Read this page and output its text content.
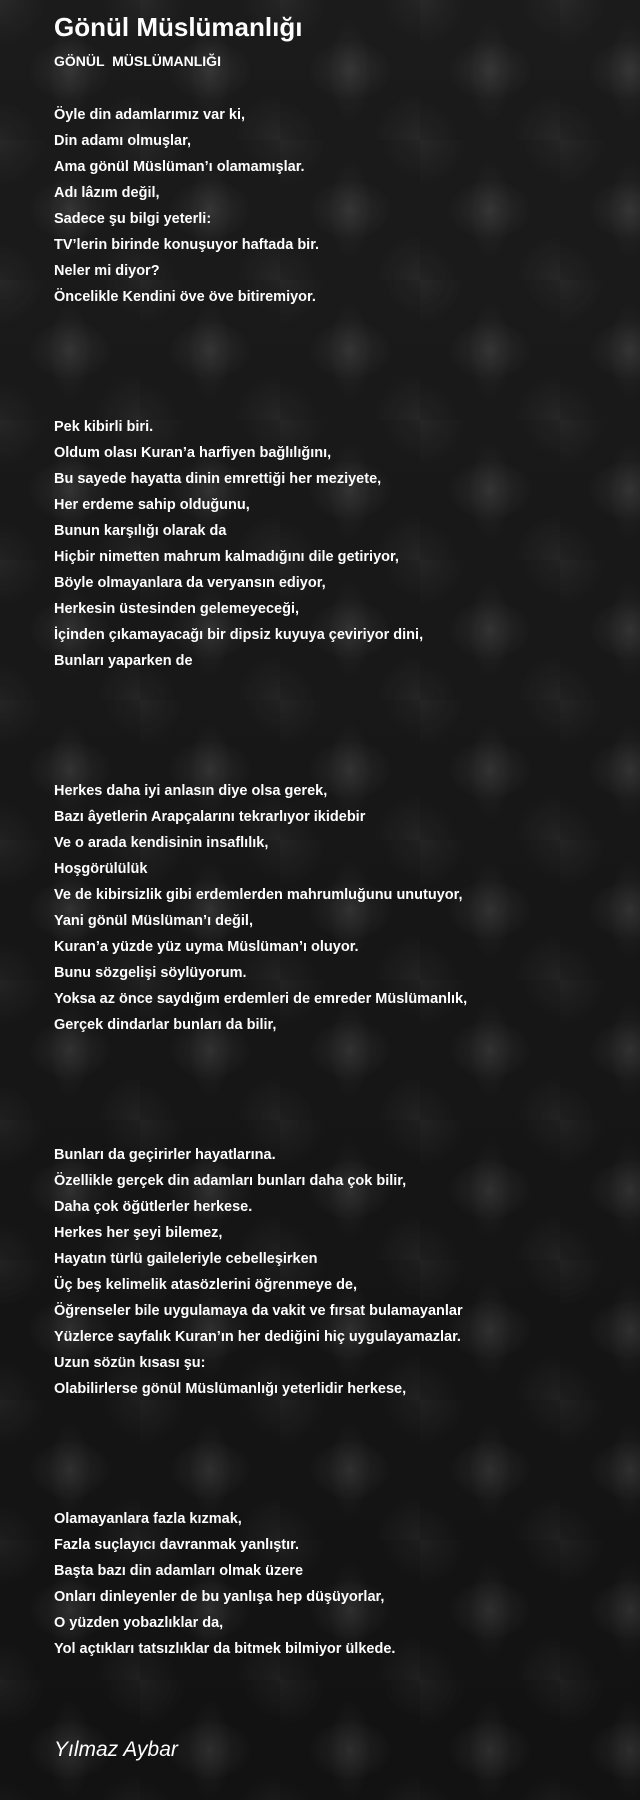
Gönül Müslümanlığı
GÖNÜL  MÜSLÜMANLIĞI

Öyle din adamlarımız var ki,
Din adamı olmuşlar,
Ama gönül Müslüman’ı olamamışlar.
Adı lâzım değil,
Sadece şu bilgi yeterli:
TV’lerin birinde konuşuyor haftada bir.
Neler mi diyor?
Öncelikle Kendini öve öve bitiremiyor.

Pek kibirli biri.
Oldum olası Kuran’a harfiyen bağlılığını,
Bu sayede hayatta dinin emrettiği her meziyete,
Her erdeme sahip olduğunu,
Bunun karşılığı olarak da
Hiçbir nimetten mahrum kalmadığını dile getiriyor,
Böyle olmayanlara da veryansın ediyor,
Herkesin üstesinden gelemeyeceği,
İçinden çıkamayacağı bir dipsiz kuyuya çeviriyor dini,
Bunları yaparken de

Herkes daha iyi anlasın diye olsa gerek,
Bazı âyetlerin Arapçalarını tekrarlıyor ikidebir
Ve o arada kendisinin insaflılık,
Hoşgörülülük
Ve de kibirsizlik gibi erdemlerden mahrumluğunu unutuyor,
Yani gönül Müslüman’ı değil,
Kuran’a yüzde yüz uyma Müslüman’ı oluyor.
Bunu sözgelişi söylüyorum.
Yoksa az önce saydığım erdemleri de emreder Müslümanlık,
Gerçek dindarlar bunları da bilir,

Bunları da geçirirler hayatlarına.
Özellikle gerçek din adamları bunları daha çok bilir,
Daha çok öğütlerler herkese.
Herkes her şeyi bilemez,
Hayatın türlü gaileleriyle cebelleşirken
Üç beş kelimelik atasözlerini öğrenmeye de,
Öğrenseler bile uygulamaya da vakit ve fırsat bulamayanlar
Yüzlerce sayfalık Kuran’ın her dediğini hiç uygulayamazlar.
Uzun sözün kısası şu:
Olabilirlerse gönül Müslümanlığı yeterlidir herkese,

Olamayanlara fazla kızmak,
Fazla suçlayıcı davranmak yanlıştır.
Başta bazı din adamları olmak üzere
Onları dinleyenler de bu yanlışa hep düşüyorlar,
O yüzden yobazlıklar da,
Yol açtıkları tatsızlıklar da bitmek bilmiyor ülkede.

Yılmaz Aybar
